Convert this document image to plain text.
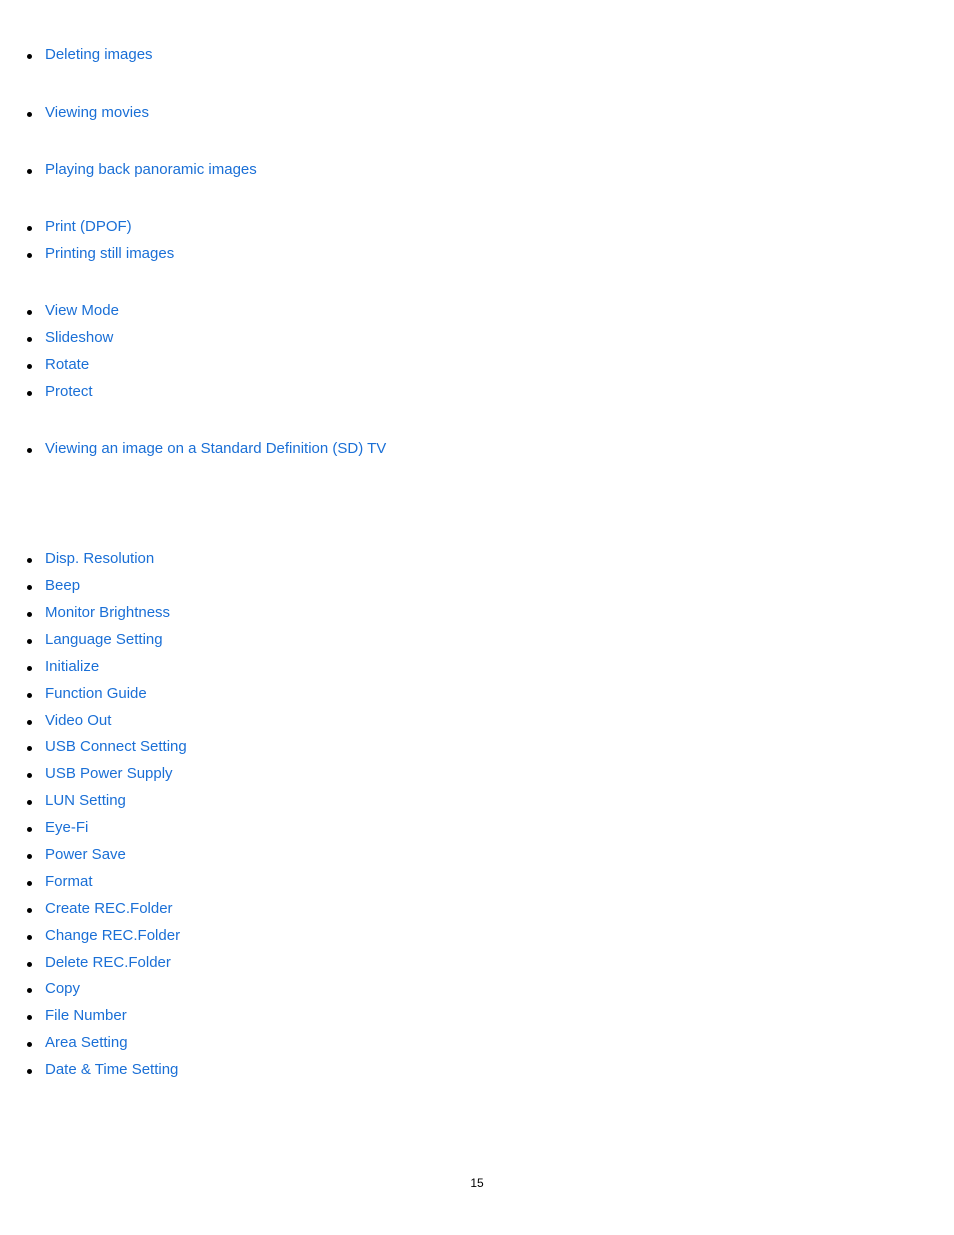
Deleting images
Viewing movies
Playing back panoramic images
Print (DPOF)
Printing still images
View Mode
Slideshow
Rotate
Protect
Viewing an image on a Standard Definition (SD) TV
Disp. Resolution
Beep
Monitor Brightness
Language Setting
Initialize
Function Guide
Video Out
USB Connect Setting
USB Power Supply
LUN Setting
Eye-Fi
Power Save
Format
Create REC.Folder
Change REC.Folder
Delete REC.Folder
Copy
File Number
Area Setting
Date & Time Setting
15
